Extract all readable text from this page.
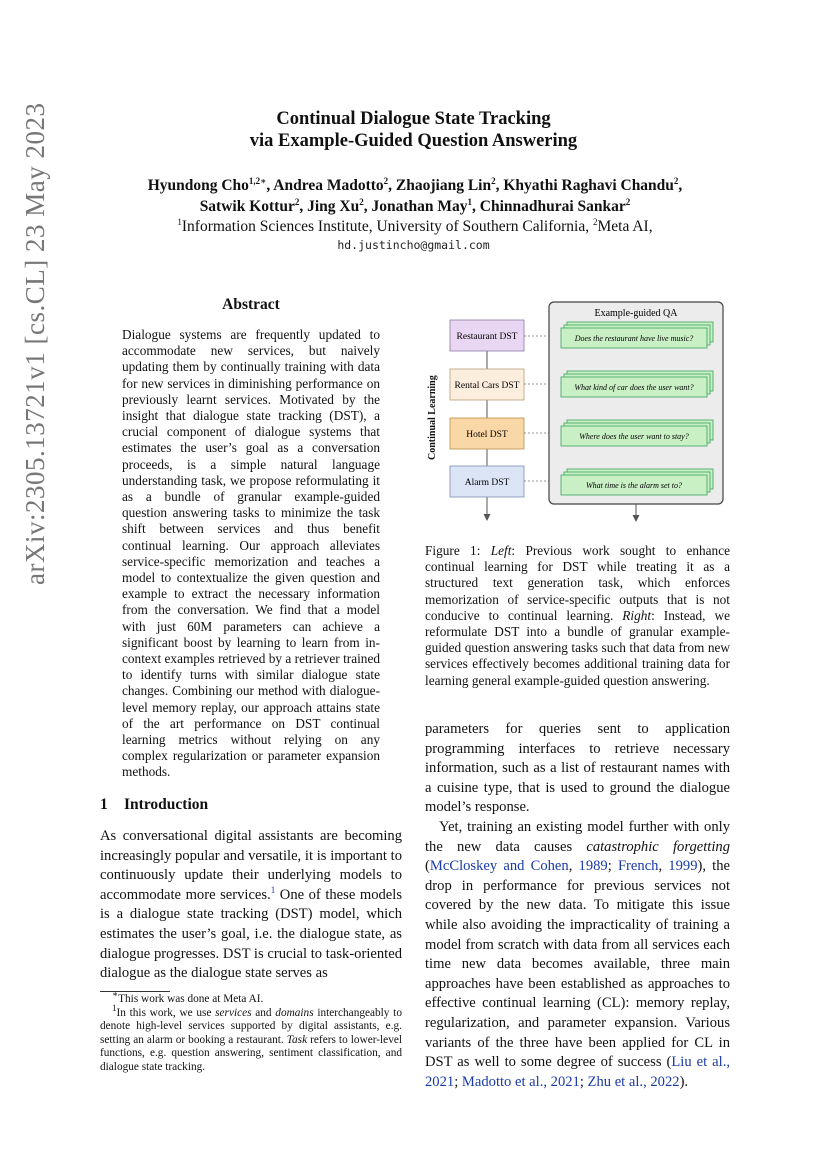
arXiv:2305.13721v1 [cs.CL] 23 May 2023	Continual Dialogue State Tracking
via Example-Guided Question Answering
Hyundong Cho$^{1,2∗}$, Andrea Madotto$^2$, Zhaojiang Lin$^2$, Khyathi Raghavi Chandu$^2$,
Satwik Kottur$^2$, Jing Xu$^2$, Jonathan May$^1$, Chinnadhurai Sankar$^2$
$^1$Information Sciences Institute, University of Southern California, $^2$Meta AI,
hd.justincho@gmail.com
Abstract
Dialogue systems are frequently updated to accommodate new services, but naively updating them by continually training with data for new services in diminishing performance on previously learnt services. Motivated by the insight that dialogue state tracking (DST), a crucial component of dialogue systems that estimates the user’s goal as a conversation proceeds, is a simple natural language understanding task, we propose reformulating it as a bundle of granular example-guided question answering tasks to minimize the task shift between services and thus benefit continual learning. Our approach alleviates service-specific memorization and teaches a model to contextualize the given question and example to extract the necessary information from the conversation. We find that a model with just 60M parameters can achieve a significant boost by learning to learn from in-context examples retrieved by a retriever trained to identify turns with similar dialogue state changes. Combining our method with dialogue-level memory replay, our approach attains state of the art performance on DST continual learning metrics without relying on any complex regularization or parameter expansion methods.
1 Introduction
As conversational digital assistants are becoming increasingly popular and versatile, it is important to continuously update their underlying models to accommodate more services.$^1$ One of these models is a dialogue state tracking (DST) model, which estimates the user’s goal, i.e. the dialogue state, as dialogue progresses. DST is crucial to task-oriented dialogue as the dialogue state serves as

∗This work was done at Meta AI.

$^1$In this work, we use services and domains interchangeably to denote high-level services supported by digital assistants, e.g. setting an alarm or booking a restaurant. Task refers to lower-level functions, e.g. question answering, sentiment classification, and dialogue state tracking.

Continual Learning
Restaurant DST
Rental Cars DST
Hotel DST
Alarm DST
Example-guided QA
Does the restaurant have live music?
What kind of car does the user want?
Where does the user want to stay?
What time is the alarm set to?
Figure 1: Left: Previous work sought to enhance continual learning for DST while treating it as a structured text generation task, which enforces memorization of service-specific outputs that is not conducive to continual learning. Right: Instead, we reformulate DST into a bundle of granular example-guided question answering tasks such that data from new services effectively becomes additional training data for learning general example-guided question answering.

parameters for queries sent to application programming interfaces to retrieve necessary information, such as a list of restaurant names with a cuisine type, that is used to ground the dialogue model’s response.

Yet, training an existing model further with only the new data causes catastrophic forgetting (McCloskey and Cohen, 1989; French, 1999), the drop in performance for previous services not covered by the new data. To mitigate this issue while also avoiding the impracticality of training a model from scratch with data from all services each time new data becomes available, three main approaches have been established as approaches to effective continual learning (CL): memory replay, regularization, and parameter expansion. Various variants of the three have been applied for CL in DST as well to some degree of success (Liu et al., 2021; Madotto et al., 2021; Zhu et al., 2022).
